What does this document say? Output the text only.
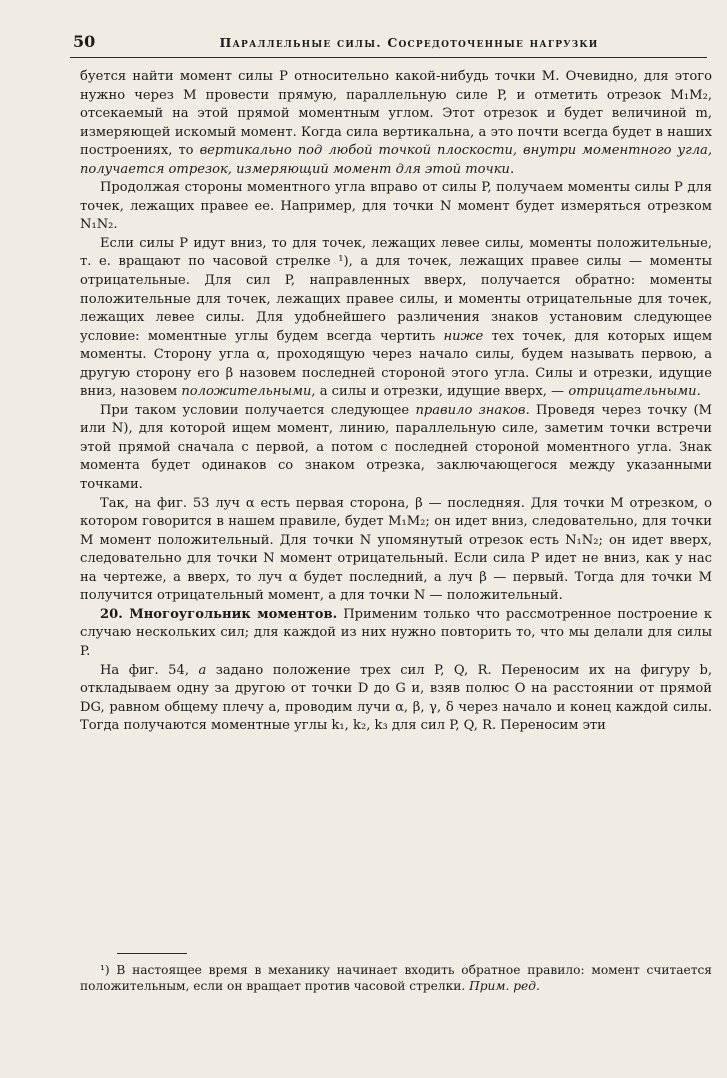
50	Параллельные силы. Сосредоточенные нагрузки

буется найти момент силы P относительно какой-нибудь точки M. Очевидно, для этого нужно через M провести прямую, параллельную силе P, и отметить отрезок M₁M₂, отсекаемый на этой прямой моментным углом. Этот отрезок и будет величиной m, измеряющей искомый момент. Когда сила вертикальна, а это почти всегда будет в наших построениях, то вертикально под любой точкой плоскости, внутри моментного угла, получается отрезок, измеряющий момент для этой точки.

Продолжая стороны моментного угла вправо от силы P, получаем моменты силы P для точек, лежащих правее ее. Например, для точки N момент будет измеряться отрезком N₁N₂.

Если силы P идут вниз, то для точек, лежащих левее силы, моменты положительные, т. е. вращают по часовой стрелке ¹), а для точек, лежащих правее силы — моменты отрицательные. Для сил P, направленных вверх, получается обратно: моменты положительные для точек, лежащих правее силы, и моменты отрицательные для точек, лежащих левее силы. Для удобнейшего различения знаков установим следующее условие: моментные углы будем всегда чертить ниже тех точек, для которых ищем моменты. Сторону угла α, проходящую через начало силы, будем называть первою, а другую сторону его β назовем последней стороной этого угла. Силы и отрезки, идущие вниз, назовем положительными, а силы и отрезки, идущие вверх, — отрицательными.

При таком условии получается следующее правило знаков. Проведя через точку (M или N), для которой ищем момент, линию, параллельную силе, заметим точки встречи этой прямой сначала с первой, а потом с последней стороной моментного угла. Знак момента будет одинаков со знаком отрезка, заключающегося между указанными точками.

Так, на фиг. 53 луч α есть первая сторона, β — последняя. Для точки M отрезком, о котором говорится в нашем правиле, будет M₁M₂; он идет вниз, следовательно, для точки M момент положительный. Для точки N упомянутый отрезок есть N₁N₂; он идет вверх, следовательно для точки N момент отрицательный. Если сила P идет не вниз, как у нас на чертеже, а вверх, то луч α будет последний, а луч β — первый. Тогда для точки M получится отрицательный момент, а для точки N — положительный.

20. Многоугольник моментов. Применим только что рассмотренное построение к случаю нескольких сил; для каждой из них нужно повторить то, что мы делали для силы P.

На фиг. 54, a задано положение трех сил P, Q, R. Переносим их на фигуру b, откладываем одну за другою от точки D до G и, взяв полюс O на расстоянии от прямой DG, равном общему плечу a, проводим лучи α, β, γ, δ через начало и конец каждой силы. Тогда получаются моментные углы k₁, k₂, k₃ для сил P, Q, R. Переносим эти

¹) В настоящее время в механику начинает входить обратное правило: момент считается положительным, если он вращает против часовой стрелки. Прим. ред.
